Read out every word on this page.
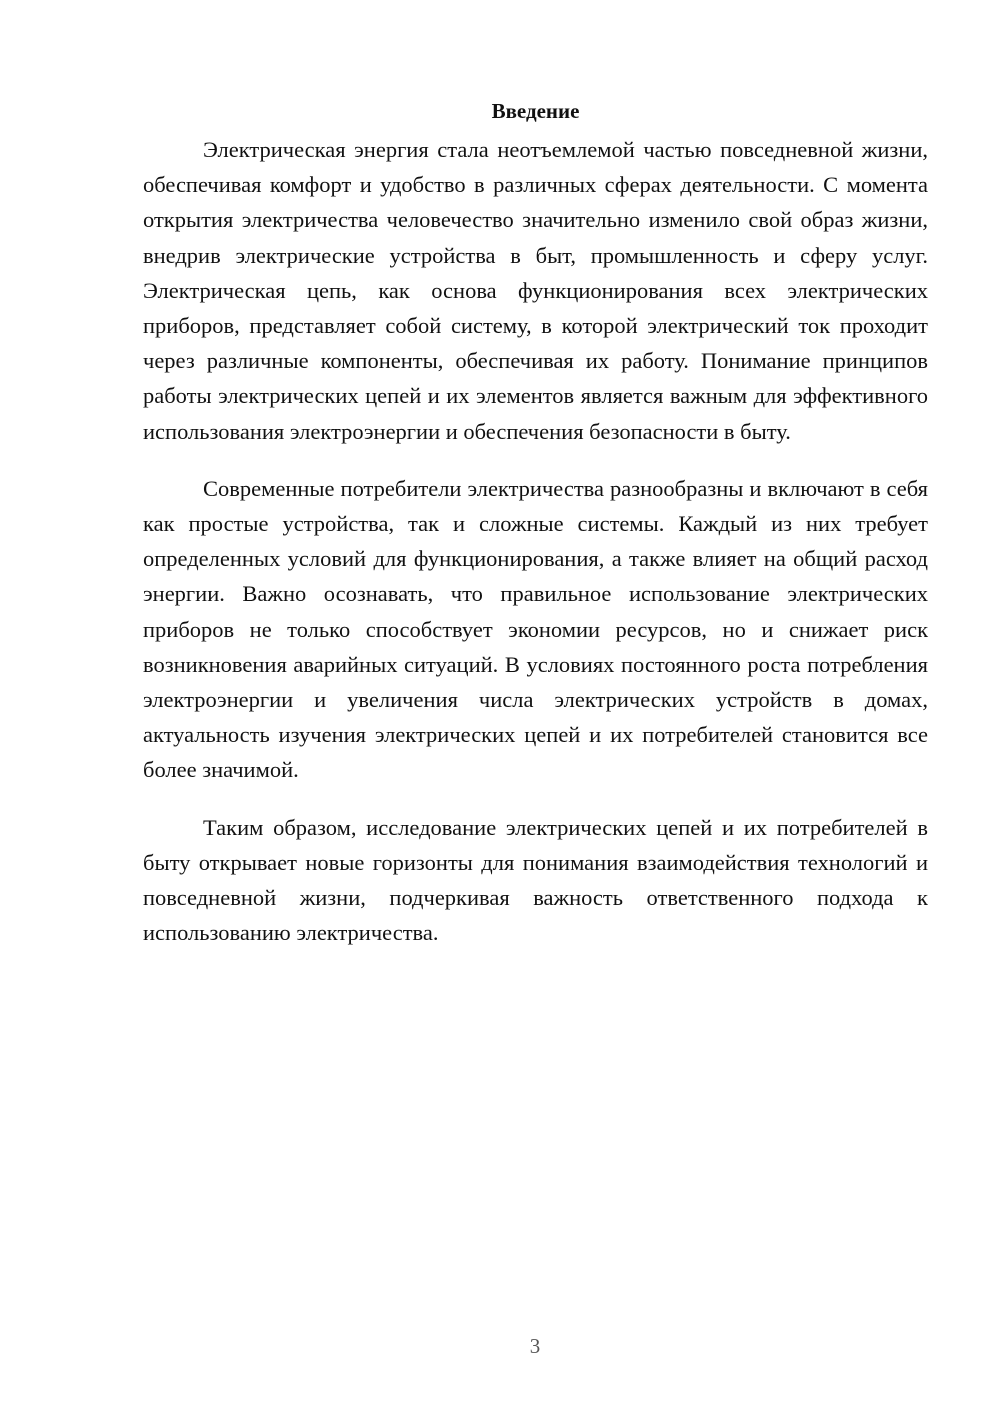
Введение

Электрическая энергия стала неотъемлемой частью повседневной жизни, обеспечивая комфорт и удобство в различных сферах деятельности. С момента открытия электричества человечество значительно изменило свой образ жизни, внедрив электрические устройства в быт, промышленность и сферу услуг. Электрическая цепь, как основа функционирования всех электрических приборов, представляет собой систему, в которой электрический ток проходит через различные компоненты, обеспечивая их работу. Понимание принципов работы электрических цепей и их элементов является важным для эффективного использования электроэнергии и обеспечения безопасности в быту.

Современные потребители электричества разнообразны и включают в себя как простые устройства, так и сложные системы. Каждый из них требует определенных условий для функционирования, а также влияет на общий расход энергии. Важно осознавать, что правильное использование электрических приборов не только способствует экономии ресурсов, но и снижает риск возникновения аварийных ситуаций. В условиях постоянного роста потребления электроэнергии и увеличения числа электрических устройств в домах, актуальность изучения электрических цепей и их потребителей становится все более значимой.

Таким образом, исследование электрических цепей и их потребителей в быту открывает новые горизонты для понимания взаимодействия технологий и повседневной жизни, подчеркивая важность ответственного подхода к использованию электричества.

3
